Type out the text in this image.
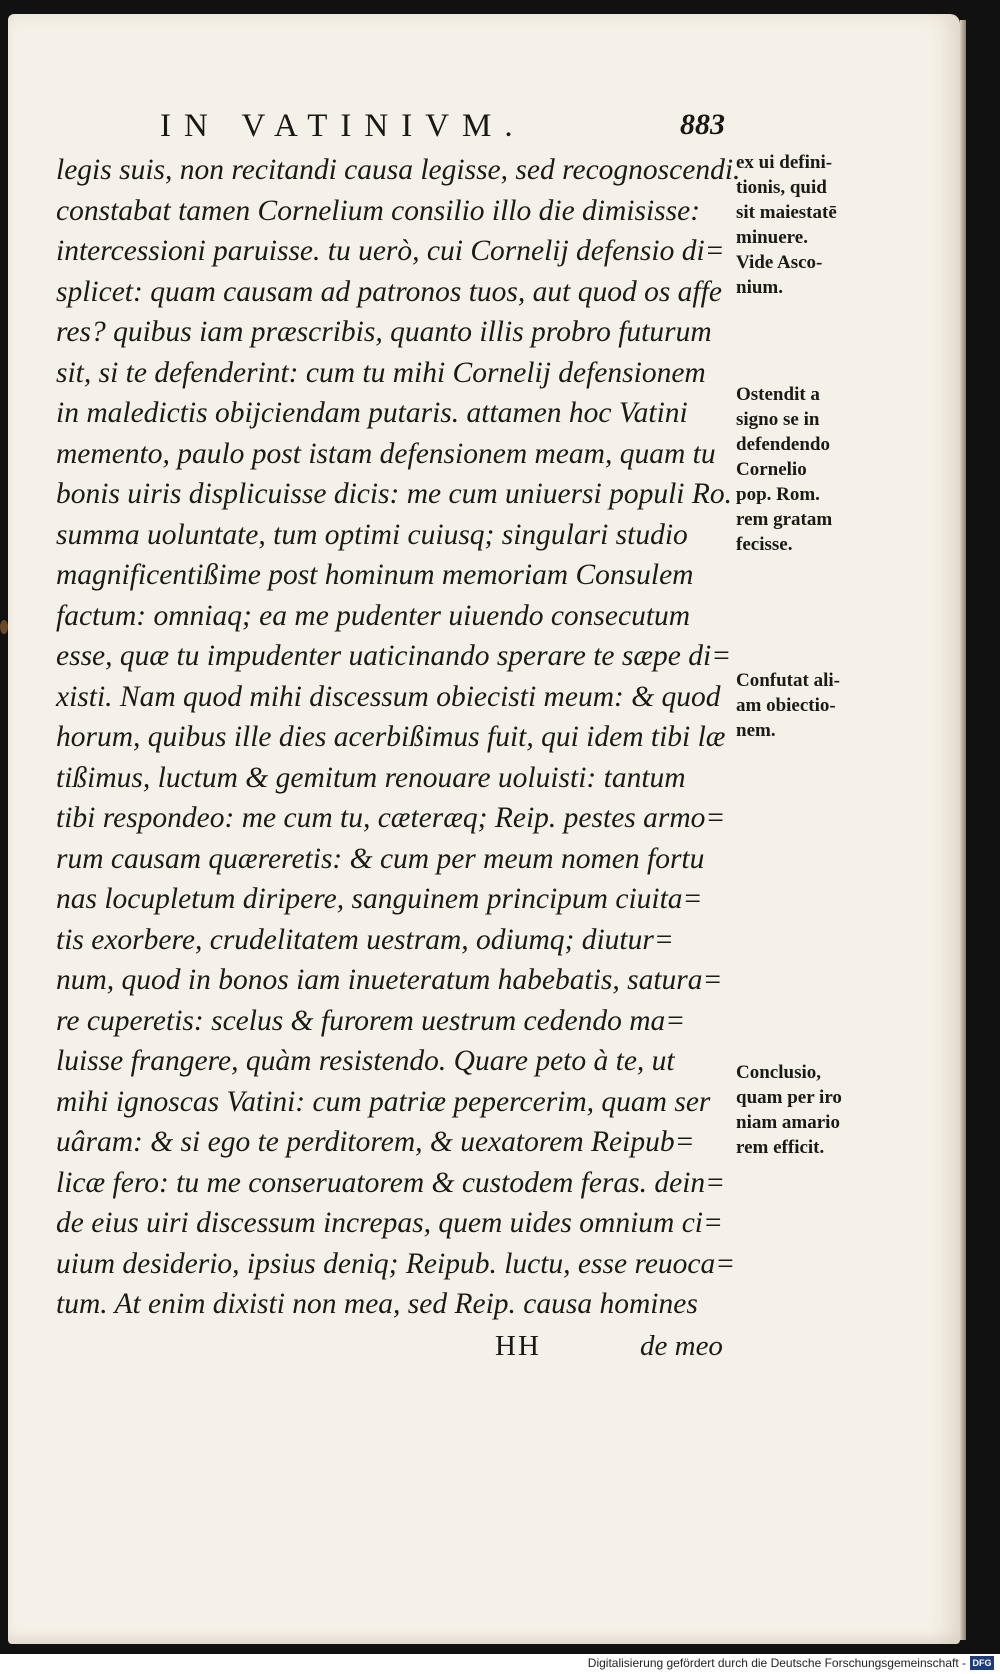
IN VATINIVM.	883
legis suis, non recitandi causa legisse, sed recognoscendi.
constabat tamen Cornelium consilio illo die dimisisse:
intercessioni paruisse. tu uerò, cui Cornelij defensio di=
splicet: quam causam ad patronos tuos, aut quod os affe
res? quibus iam præscribis, quanto illis probro futurum
sit, si te defenderint: cum tu mihi Cornelij defensionem
in maledictis obijciendam putaris. attamen hoc Vatini
memento, paulo post istam defensionem meam, quam tu
bonis uiris displicuisse dicis: me cum uniuersi populi Ro.
summa uoluntate, tum optimi cuiusq; singulari studio
magnificentißime post hominum memoriam Consulem
factum: omniaq; ea me pudenter uiuendo consecutum
esse, quæ tu impudenter uaticinando sperare te sæpe di=
xisti. Nam quod mihi discessum obiecisti meum: & quod
horum, quibus ille dies acerbißimus fuit, qui idem tibi læ
tißimus, luctum & gemitum renouare uoluisti: tantum
tibi respondeo: me cum tu, cæteræq; Reip. pestes armo=
rum causam quæreretis: & cum per meum nomen fortu
nas locupletum diripere, sanguinem principum ciuita=
tis exorbere, crudelitatem uestram, odiumq; diutur=
num, quod in bonos iam inueteratum habebatis, satura=
re cuperetis: scelus & furorem uestrum cedendo ma=
luisse frangere, quàm resistendo. Quare peto à te, ut
mihi ignoscas Vatini: cum patriæ pepercerim, quam ser
uâram: & si ego te perditorem, & uexatorem Reipub=
licæ fero: tu me conseruatorem & custodem feras. dein=
de eius uiri discessum increpas, quem uides omnium ci=
uium desiderio, ipsius deniq; Reipub. luctu, esse reuoca=
tum. At enim dixisti non mea, sed Reip. causa homines
HH	de meo
ex ui defini-
tionis, quid
sit maiestatē
minuere.
Vide Asco-
nium.
Ostendit a
signo se in
defendendo
Cornelio
pop. Rom.
rem gratam
fecisse.
Confutat ali-
am obiectio-
nem.
Conclusio,
quam per iro
niam amario
rem efficit.
Digitalisierung gefördert durch die Deutsche Forschungsgemeinschaft - DFG
